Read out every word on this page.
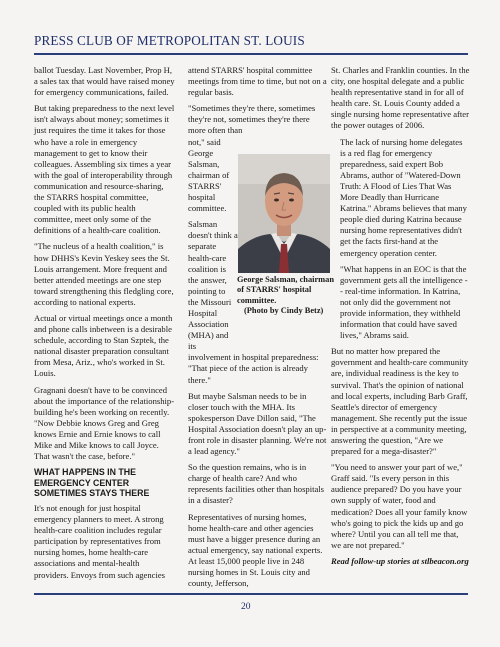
PRESS CLUB OF METROPOLITAN ST. LOUIS

ballot Tuesday. Last November, Prop H, a sales tax that would have raised money for emergency communications, failed.

But taking preparedness to the next level isn't always about money; sometimes it just requires the time it takes for those who have a role in emergency management to get to know their colleagues. Assembling six times a year with the goal of interoperability through communication and resource-sharing, the STARRS hospital committee, coupled with its public health committee, meet only some of the definitions of a health-care coalition.

"The nucleus of a health coalition," is how DHHS's Kevin Yeskey sees the St. Louis arrangement. More frequent and better attended meetings are one step toward strengthening this fledgling core, according to national experts.

Actual or virtual meetings once a month and phone calls inbetween is a desirable schedule, according to Stan Szptek, the national disaster preparation consultant from Mesa, Ariz., who's worked in St. Louis.

Gragnani doesn't have to be convinced about the importance of the relationship-building he's been working on recently. "Now Debbie knows Greg and Greg knows Ernie and Ernie knows to call Mike and Mike knows to call Joyce. That wasn't the case, before."

WHAT HAPPENS IN THE EMERGENCY CENTER SOMETIMES STAYS THERE

It's not enough for just hospital emergency planners to meet. A strong health-care coalition includes regular participation by representatives from nursing homes, home health-care associations and mental-health providers. Envoys from such agencies

attend STARRS' hospital committee meetings from time to time, but not on a regular basis.

"Sometimes they're there, sometimes they're not, sometimes they're there more often than

not," said George Salsman, chairman of STARRS' hospital committee.

Salsman doesn't think a separate health-care coalition is the answer, pointing to the Missouri Hospital Association (MHA) and its

involvement in hospital preparedness: "That piece of the action is already there."

But maybe Salsman needs to be in closer touch with the MHA. Its spokesperson Dave Dillon said, "The Hospital Association doesn't play an up-front role in disaster planning. We're not a lead agency."

So the question remains, who is in charge of health care? And who represents facilities other than hospitals in a disaster?

Representatives of nursing homes, home health-care and other agencies must have a bigger presence during an actual emergency, say national experts. At least 15,000 people live in 248 nursing homes in St. Louis city and county, Jefferson,

George Salsman, chairman of STARRS' hospital committee.
(Photo by Cindy Betz)

St. Charles and Franklin counties. In the city, one hospital delegate and a public health representative stand in for all of health care. St. Louis County added a single nursing home representative after the power outages of 2006.

The lack of nursing home delegates is a red flag for emergency preparedness, said expert Bob Abrams, author of "Watered-Down Truth: A Flood of Lies That Was More Deadly than Hurricane Katrina." Abrams believes that many people died during Katrina because nursing home representatives didn't get the facts first-hand at the emergency operation center.

"What happens in an EOC is that the government gets all the intelligence -- real-time information. In Katrina, not only did the government not provide information, they withheld information that could have saved lives," Abrams said.

But no matter how prepared the government and health-care community are, individual readiness is the key to survival. That's the opinion of national and local experts, including Barb Graff, Seattle's director of emergency management. She recently put the issue in perspective at a community meeting, answering the question, "Are we prepared for a mega-disaster?"

"You need to answer your part of we," Graff said. "Is every person in this audience prepared? Do you have your own supply of water, food and medication? Does all your family know who's going to pick the kids up and go where? Until you can all tell me that, we are not prepared."

Read follow-up stories at stlbeacon.org

20
